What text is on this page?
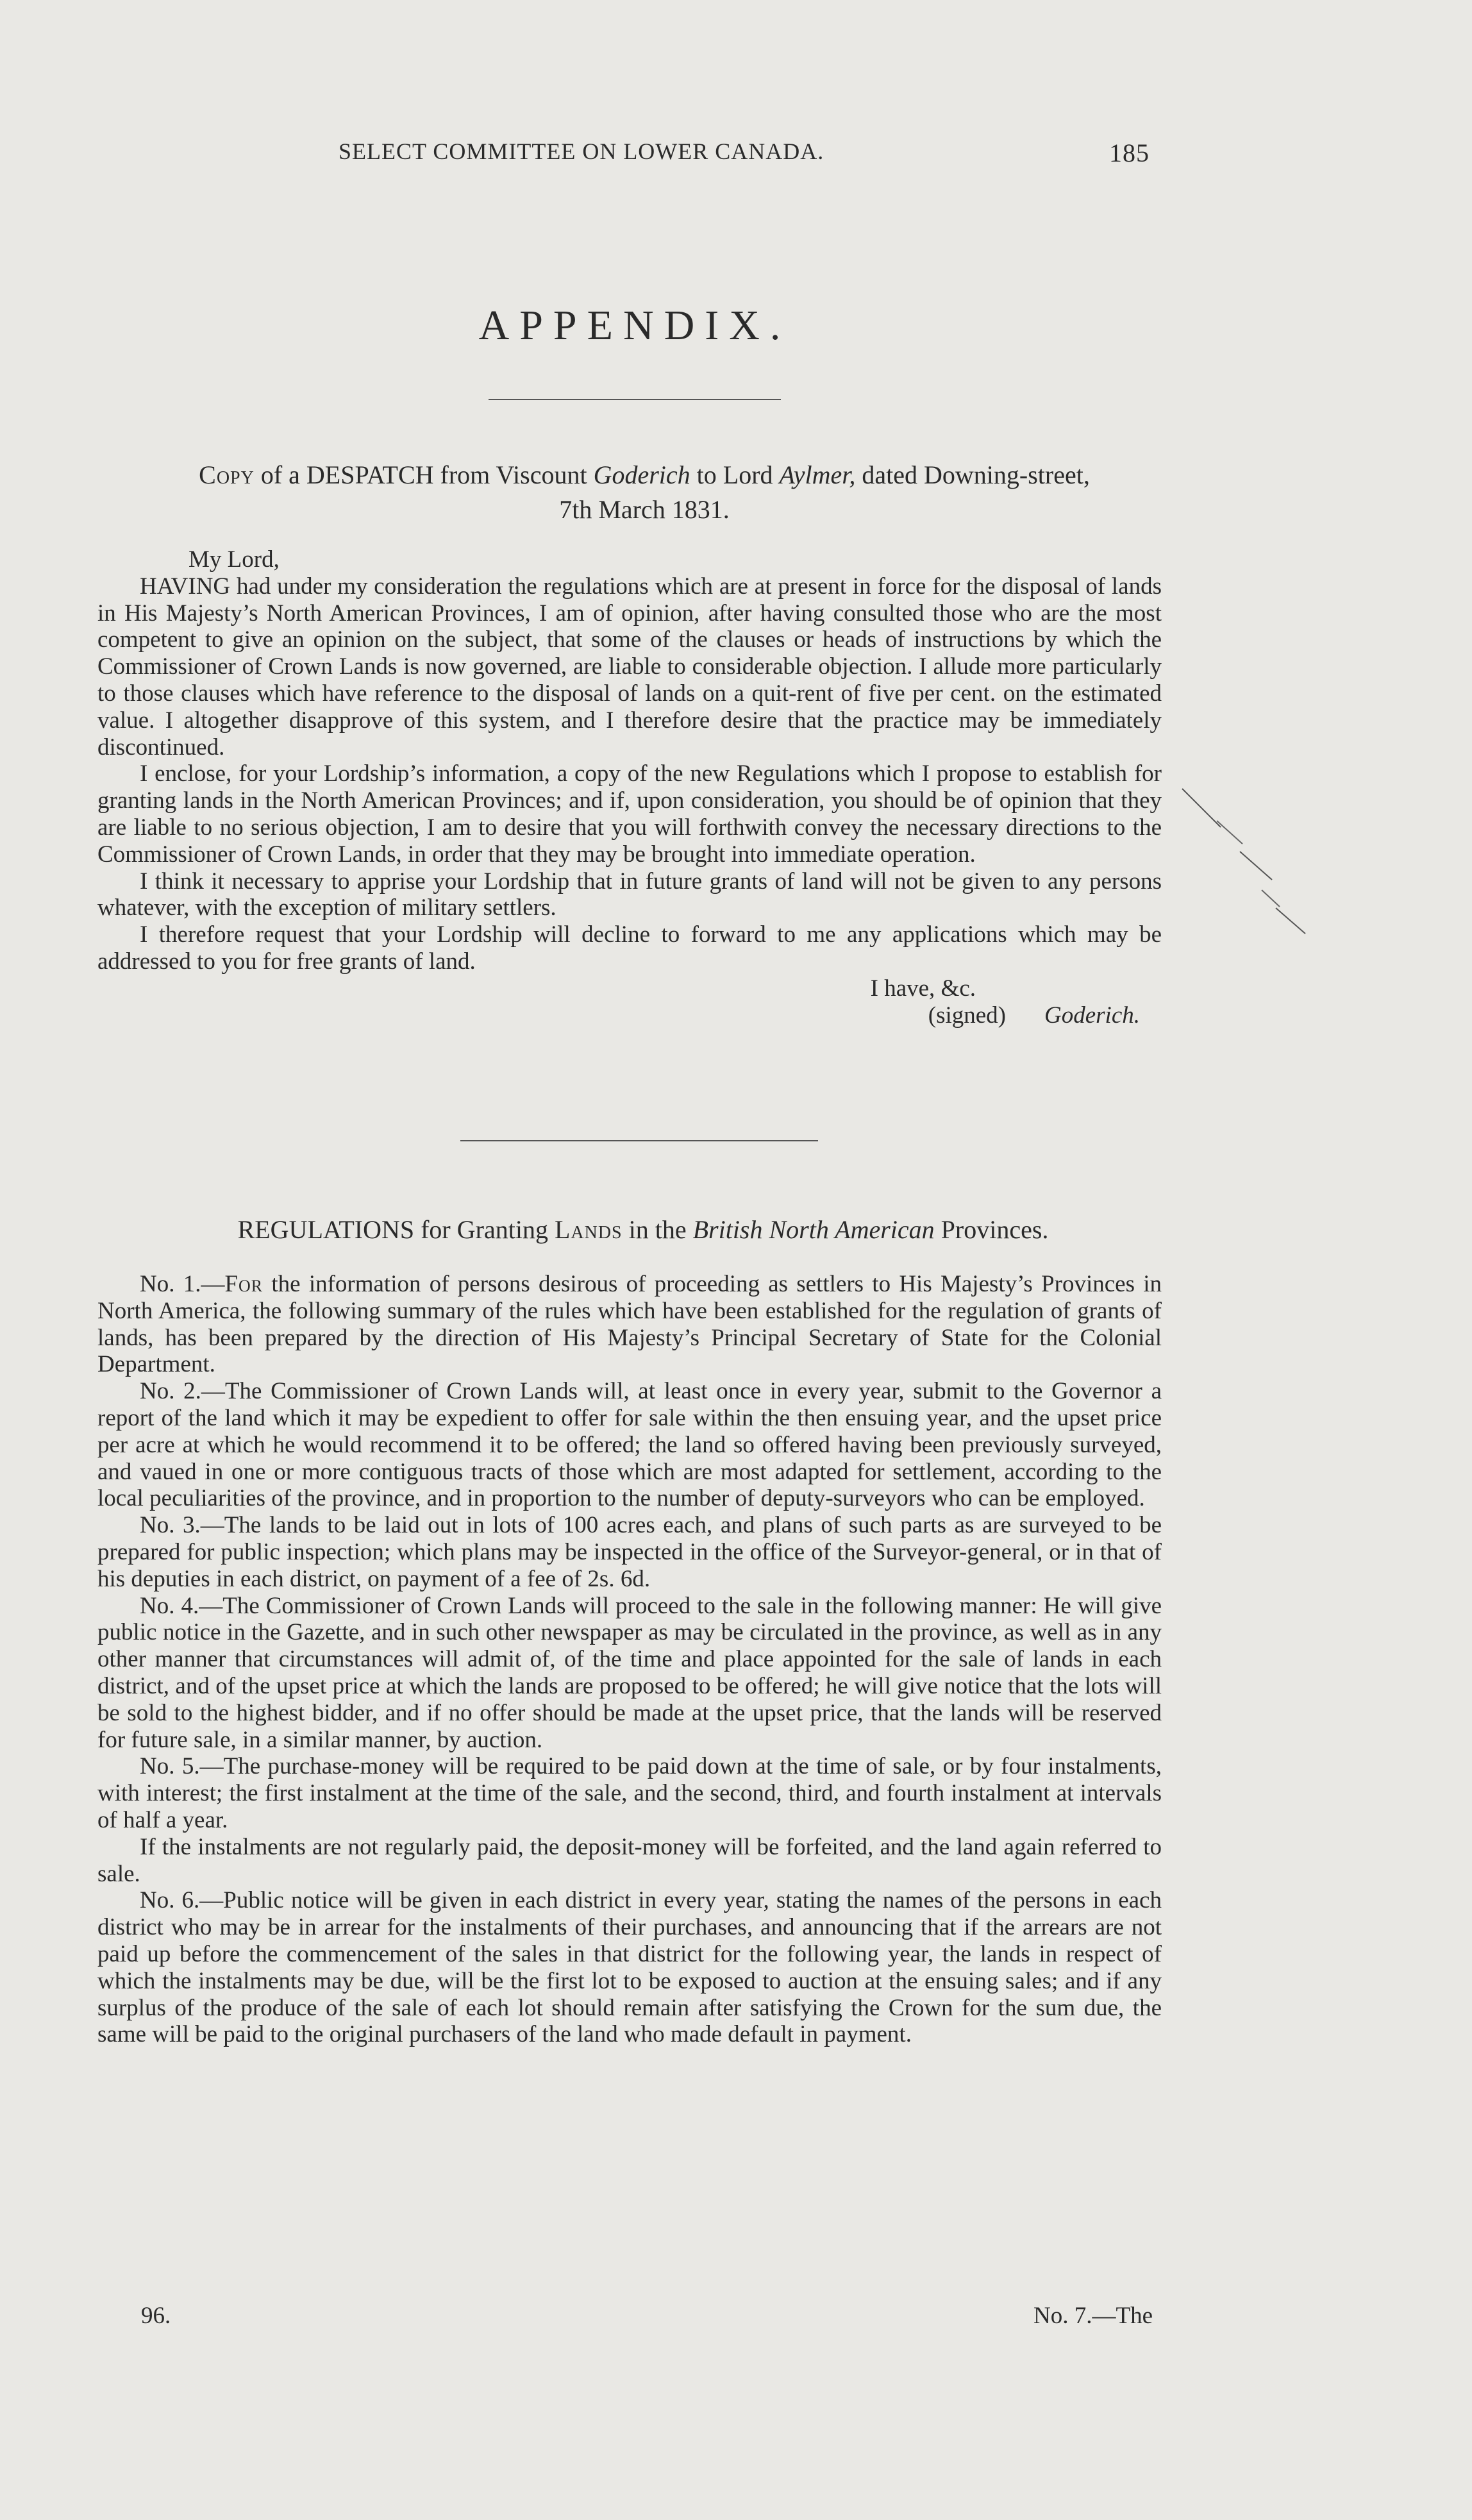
SELECT COMMITTEE ON LOWER CANADA.	185
APPENDIX.
Copy of a DESPATCH from Viscount Goderich to Lord Aylmer, dated Downing-street,
7th March 1831.

My Lord,

HAVING had under my consideration the regulations which are at present in force for the disposal of lands in His Majesty’s North American Provinces, I am of opinion, after having consulted those who are the most competent to give an opinion on the subject, that some of the clauses or heads of instructions by which the Commissioner of Crown Lands is now governed, are liable to considerable objection. I allude more particularly to those clauses which have reference to the disposal of lands on a quit-rent of five per cent. on the estimated value. I altogether disapprove of this system, and I therefore desire that the practice may be immediately discontinued.

I enclose, for your Lordship’s information, a copy of the new Regulations which I propose to establish for granting lands in the North American Provinces; and if, upon consideration, you should be of opinion that they are liable to no serious objection, I am to desire that you will forthwith convey the necessary directions to the Commissioner of Crown Lands, in order that they may be brought into immediate operation.

I think it necessary to apprise your Lordship that in future grants of land will not be given to any persons whatever, with the exception of military settlers.

I therefore request that your Lordship will decline to forward to me any applications which may be addressed to you for free grants of land.

I have, &c.

(signed) Goderich.

REGULATIONS for Granting Lands in the British North American Provinces.

No. 1.—For the information of persons desirous of proceeding as settlers to His Majesty’s Provinces in North America, the following summary of the rules which have been established for the regulation of grants of lands, has been prepared by the direction of His Majesty’s Principal Secretary of State for the Colonial Department.

No. 2.—The Commissioner of Crown Lands will, at least once in every year, submit to the Governor a report of the land which it may be expedient to offer for sale within the then ensuing year, and the upset price per acre at which he would recommend it to be offered; the land so offered having been previously surveyed, and vaued in one or more contiguous tracts of those which are most adapted for settlement, according to the local peculiarities of the province, and in proportion to the number of deputy-surveyors who can be employed.

No. 3.—The lands to be laid out in lots of 100 acres each, and plans of such parts as are surveyed to be prepared for public inspection; which plans may be inspected in the office of the Surveyor-general, or in that of his deputies in each district, on payment of a fee of 2s. 6d.

No. 4.—The Commissioner of Crown Lands will proceed to the sale in the following manner: He will give public notice in the Gazette, and in such other newspaper as may be circulated in the province, as well as in any other manner that circumstances will admit of, of the time and place appointed for the sale of lands in each district, and of the upset price at which the lands are proposed to be offered; he will give notice that the lots will be sold to the highest bidder, and if no offer should be made at the upset price, that the lands will be reserved for future sale, in a similar manner, by auction.

No. 5.—The purchase-money will be required to be paid down at the time of sale, or by four instalments, with interest; the first instalment at the time of the sale, and the second, third, and fourth instalment at intervals of half a year.

If the instalments are not regularly paid, the deposit-money will be forfeited, and the land again referred to sale.

No. 6.—Public notice will be given in each district in every year, stating the names of the persons in each district who may be in arrear for the instalments of their purchases, and announcing that if the arrears are not paid up before the commencement of the sales in that district for the following year, the lands in respect of which the instalments may be due, will be the first lot to be exposed to auction at the ensuing sales; and if any surplus of the produce of the sale of each lot should remain after satisfying the Crown for the sum due, the same will be paid to the original purchasers of the land who made default in payment.

96.	No. 7.—The
